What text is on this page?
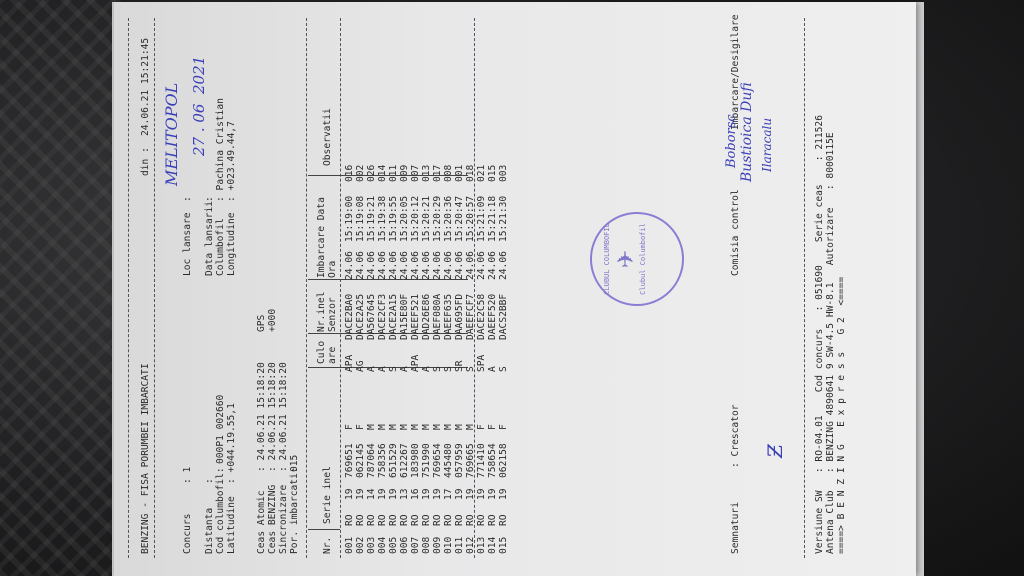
BENZING - FISA PORUMBEI IMBARCATI
din :
24.06.21 15:21:45
Concurs
: 1
Distanta
: Cod columbofil:
000P1 002660
Latitudine
: +044.19.55,1
Loc lansare
:
Data lansarii
:
Columbofil
: Pachina Cristian
Longitudine
: +023.49.44,7
MELITOPOL 27 . 06  2021
Ceas Atomic
: 24.06.21 15:18:20
GPS
Ceas BENZING
: 24.06.21 15:18:20
+000
Sincronizare
: 24.06.21 15:18:20
Por. imbarcati:
015
Nr.
Serie inel
Culo are
Nr.inel Senzor
Imbarcare Data Ora
Observatii
001	RO	19	769651	F	APA	DACE2BA0	24.06	15:19:00	016
002	RO	19	062145	F	AG	DACE2A25	24.06	15:19:08	002
003	RO	14	787064	M	A	DA567645	24.06	15:19:21	026
004	RO	19	758356	M	A	DACE2CF3	24.06	15:19:38	014
005	RO	19	651529	M	S	DACE2A15	24.06	15:19:55	011
006	RO	13	612267	M	A	DA15E80F	24.06	15:20:05	009
007	RO	16	183980	M	APA	DAEEF521	24.06	15:20:12	007
008	RO	19	751990	M	A	DAD26E86	24.06	15:20:21	013
009	RO	19	769654	M	S	DAEF080A	24.06	15:20:29	017
010	RO	17	445480	M	S	DAEEF635	24.06	15:20:36	008
011	RO	19	057959	M	SR	DAA695FD	24.06	15:20:47	001
012	RO	19	769665	M	S	DAEEFCF7	24.06	15:20:57	018
013	RO	19	771410	F	SPA	DACE2C58	24.06	15:21:09	021
014	RO	19	758654	F	A	DAEEF520	24.06	15:21:18	015
015	RO	19	062158	F	S	DACS2BBF	24.06	15:21:30	003
Semnaturi
: Crescator
Comisia control
Imbarcare/Desigilare
Ƶ
Boborsc Bustioica Dufi Ilaracalu
CLUBUL COLUMBOFIL ✈ Clubul Columbofil	Versiune SW   : RO-04.01    Cod concurs   : 051690    Serie ceas    : 211526 Antena Club   : BENZING 4890641 9 SW-4.5 HW-8.1   Autorizare   : 8000115E ====> B E N Z I N G   E x p r e s s   G 2  <====
